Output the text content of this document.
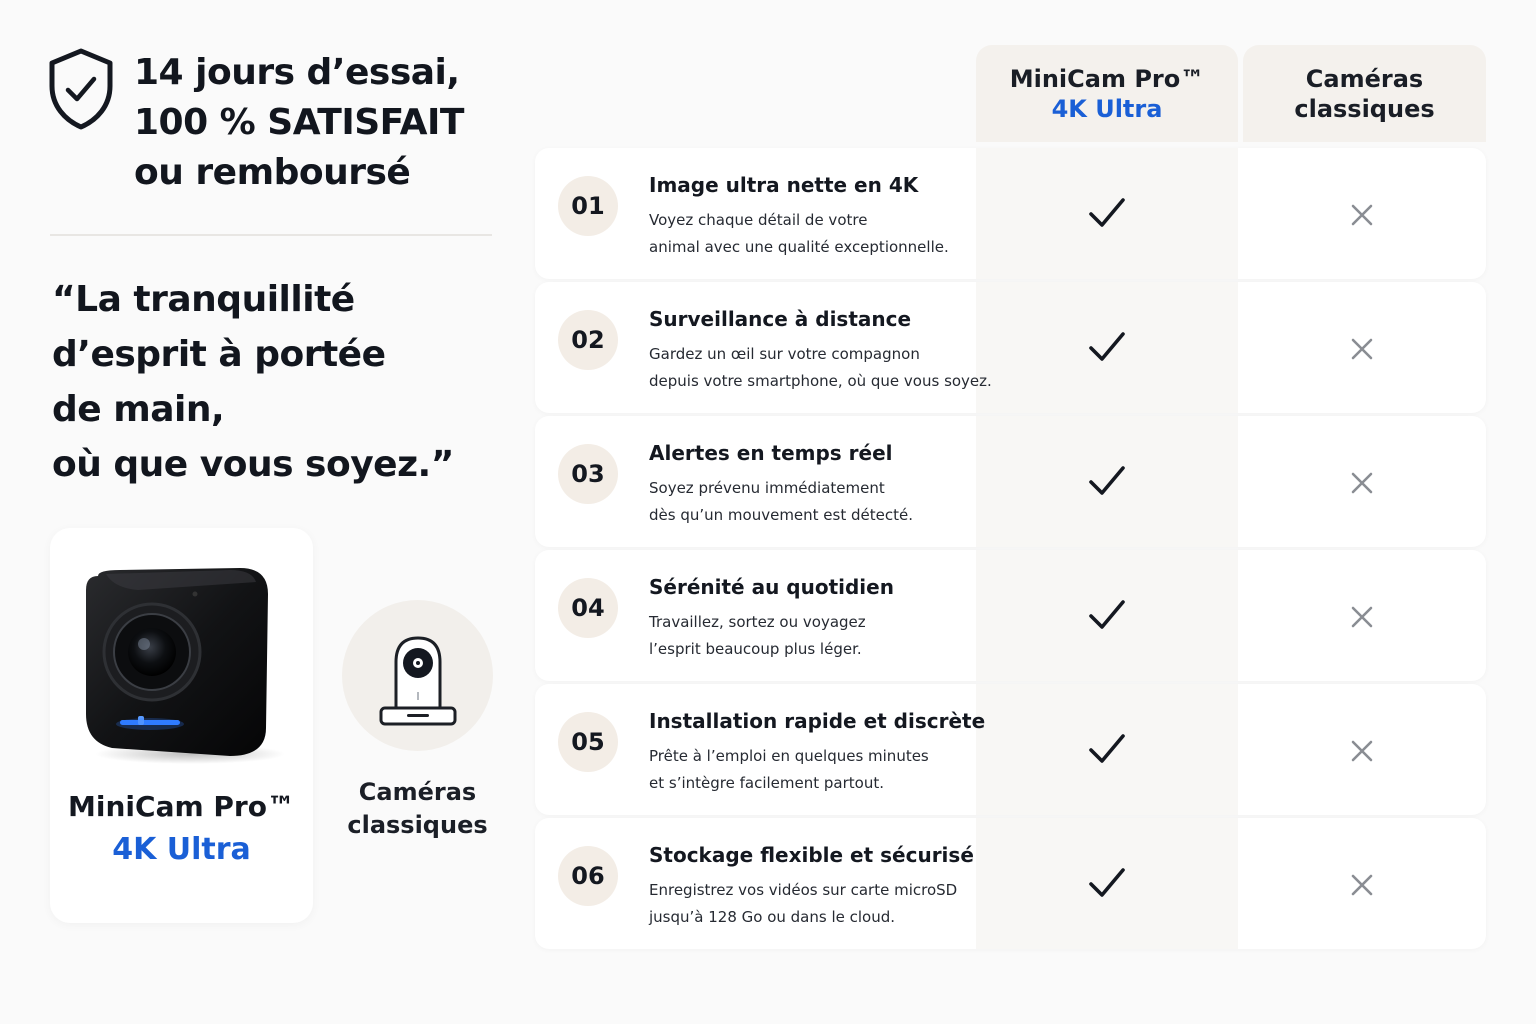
14 jours d’essai,
100 % SATISFAIT
ou remboursé
“La tranquillité
d’esprit à portée
de main,
où que vous soyez.”
MiniCam Pro™
4K Ultra
Caméras
classiques
MiniCam Pro™
4K Ultra
Caméras
classiques
01
Image ultra nette en 4K
Voyez chaque détail de votre
animal avec une qualité exceptionnelle.
02
Surveillance à distance
Gardez un œil sur votre compagnon
depuis votre smartphone, où que vous soyez.
03
Alertes en temps réel
Soyez prévenu immédiatement
dès qu’un mouvement est détecté.
04
Sérénité au quotidien
Travaillez, sortez ou voyagez
l’esprit beaucoup plus léger.
05
Installation rapide et discrète
Prête à l’emploi en quelques minutes
et s’intègre facilement partout.
06
Stockage flexible et sécurisé
Enregistrez vos vidéos sur carte microSD
jusqu’à 128 Go ou dans le cloud.
